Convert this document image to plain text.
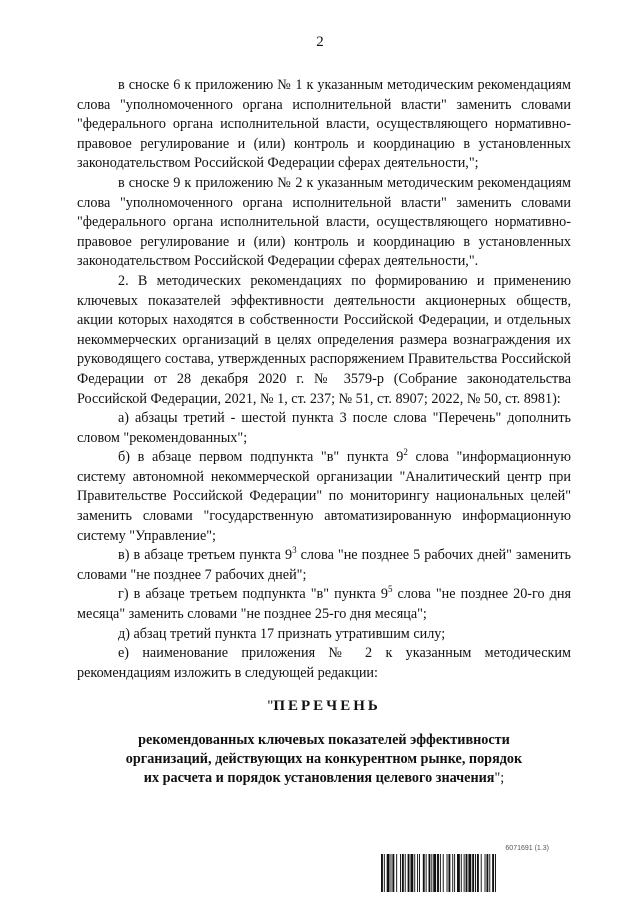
2

в сноске 6 к приложению № 1 к указанным методическим рекомендациям слова "уполномоченного органа исполнительной власти" заменить словами "федерального органа исполнительной власти, осуществляющего нормативно-правовое регулирование и (или) контроль и координацию в установленных законодательством Российской Федерации сферах деятельности,";

в сноске 9 к приложению № 2 к указанным методическим рекомендациям слова "уполномоченного органа исполнительной власти" заменить словами "федерального органа исполнительной власти, осуществляющего нормативно-правовое регулирование и (или) контроль и координацию в установленных законодательством Российской Федерации сферах деятельности,".

2. В методических рекомендациях по формированию и применению ключевых показателей эффективности деятельности акционерных обществ, акции которых находятся в собственности Российской Федерации, и отдельных некоммерческих организаций в целях определения размера вознаграждения их руководящего состава, утвержденных распоряжением Правительства Российской Федерации от 28 декабря 2020 г. № 3579-р (Собрание законодательства Российской Федерации, 2021, № 1, ст. 237; № 51, ст. 8907; 2022, № 50, ст. 8981):

а) абзацы третий - шестой пункта 3 после слова "Перечень" дополнить словом "рекомендованных";

б) в абзаце первом подпункта "в" пункта $9^2$ слова "информационную систему автономной некоммерческой организации "Аналитический центр при Правительстве Российской Федерации" по мониторингу национальных целей" заменить словами "государственную автоматизированную информационную систему "Управление";

в) в абзаце третьем пункта $9^3$ слова "не позднее 5 рабочих дней" заменить словами "не позднее 7 рабочих дней";

г) в абзаце третьем подпункта "в" пункта $9^5$ слова "не позднее 20-го дня месяца" заменить словами "не позднее 25-го дня месяца";

д) абзац третий пункта 17 признать утратившим силу;

е) наименование приложения № 2 к указанным методическим рекомендациям изложить в следующей редакции:

"ПЕРЕЧЕНЬ

рекомендованных ключевых показателей эффективности
организаций, действующих на конкурентном рынке, порядок
их расчета и порядок установления целевого значения";

6071691 (1.3)
